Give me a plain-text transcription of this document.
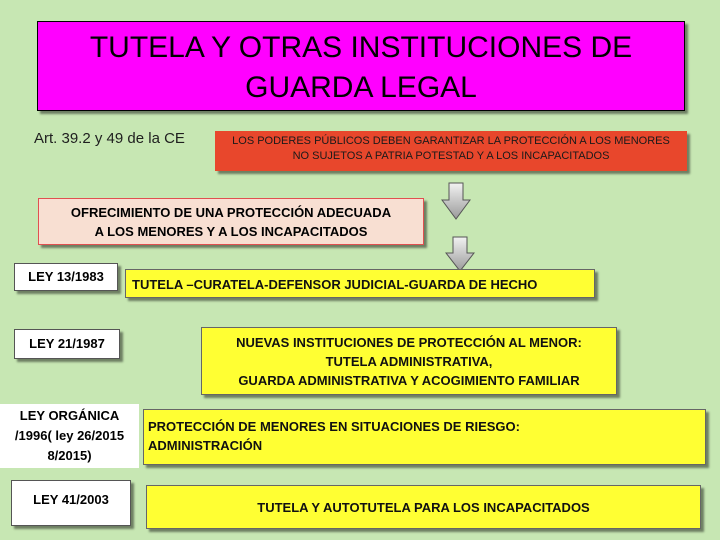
TUTELA Y OTRAS INSTITUCIONES DE
GUARDA LEGAL
Art. 39.2 y 49 de la CE	LOS PODERES PÚBLICOS DEBEN GARANTIZAR LA PROTECCIÓN A LOS MENORES
NO SUJETOS A PATRIA POTESTAD Y A LOS INCAPACITADOS
OFRECIMIENTO DE UNA PROTECCIÓN ADECUADA
A LOS MENORES Y A LOS INCAPACITADOS
LEY 13/1983
TUTELA –CURATELA-DEFENSOR JUDICIAL-GUARDA DE HECHO
LEY 21/1987	NUEVAS INSTITUCIONES DE PROTECCIÓN AL MENOR:
TUTELA ADMINISTRATIVA,
GUARDA ADMINISTRATIVA Y ACOGIMIENTO FAMILIAR
LEY ORGÁNICA
/1996( ley 26/2015
8/2015)
PROTECCIÓN DE MENORES EN SITUACIONES DE RIESGO:
ADMINISTRACIÓN
LEY 41/2003
TUTELA Y AUTOTUTELA PARA LOS INCAPACITADOS
